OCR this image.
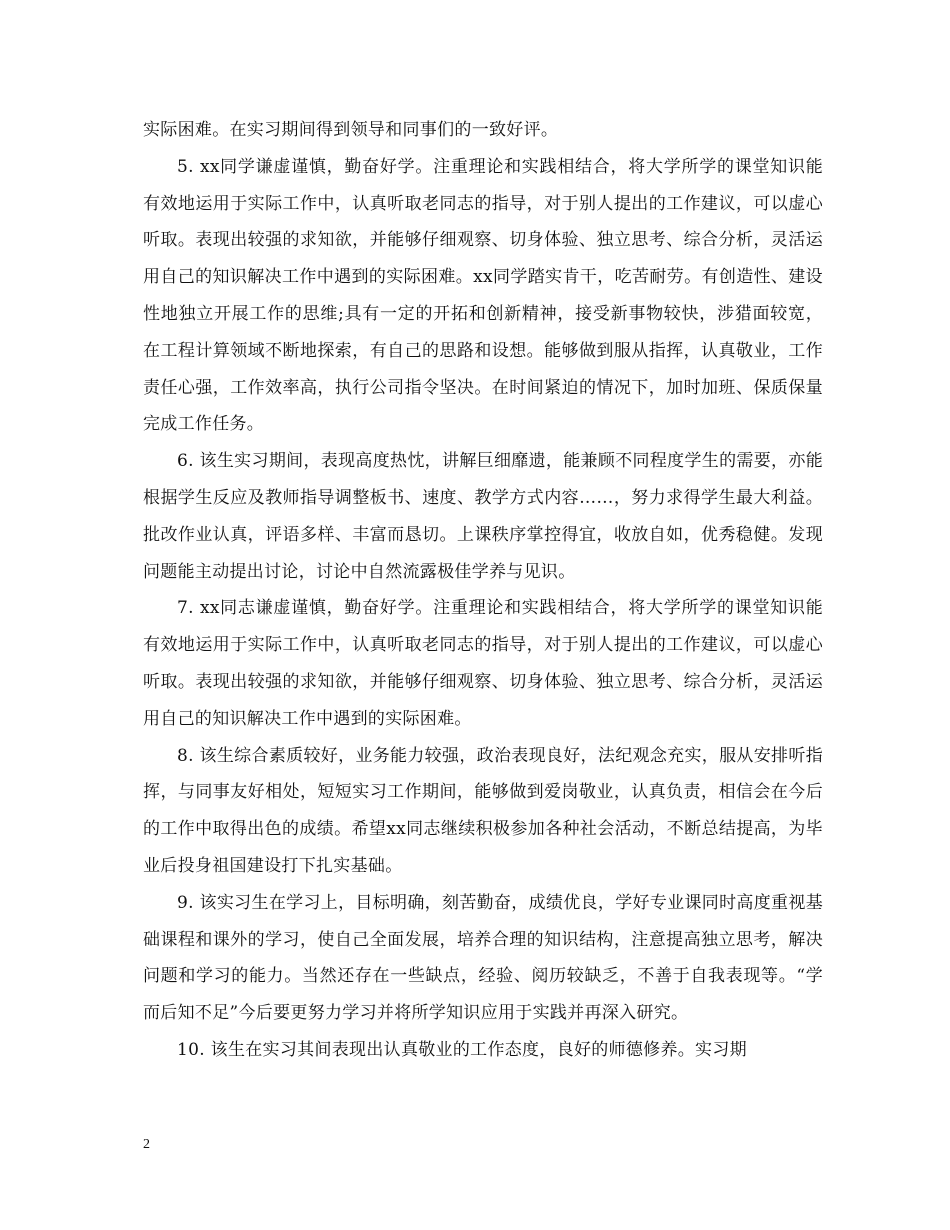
实际困难。在实习期间得到领导和同事们的一致好评。

5. xx同学谦虚谨慎，勤奋好学。注重理论和实践相结合，将大学所学的课堂知识能有效地运用于实际工作中，认真听取老同志的指导，对于别人提出的工作建议，可以虚心听取。表现出较强的求知欲，并能够仔细观察、切身体验、独立思考、综合分析，灵活运用自己的知识解决工作中遇到的实际困难。xx同学踏实肯干，吃苦耐劳。有创造性、建设性地独立开展工作的思维;具有一定的开拓和创新精神，接受新事物较快，涉猎面较宽，在工程计算领域不断地探索，有自己的思路和设想。能够做到服从指挥，认真敬业，工作责任心强，工作效率高，执行公司指令坚决。在时间紧迫的情况下，加时加班、保质保量完成工作任务。

6. 该生实习期间，表现高度热忱，讲解巨细靡遗，能兼顾不同程度学生的需要，亦能根据学生反应及教师指导调整板书、速度、教学方式内容……，努力求得学生最大利益。批改作业认真，评语多样、丰富而恳切。上课秩序掌控得宜，收放自如，优秀稳健。发现问题能主动提出讨论，讨论中自然流露极佳学养与见识。

7. xx同志谦虚谨慎，勤奋好学。注重理论和实践相结合，将大学所学的课堂知识能有效地运用于实际工作中，认真听取老同志的指导，对于别人提出的工作建议，可以虚心听取。表现出较强的求知欲，并能够仔细观察、切身体验、独立思考、综合分析，灵活运用自己的知识解决工作中遇到的实际困难。

8. 该生综合素质较好，业务能力较强，政治表现良好，法纪观念充实，服从安排听指挥，与同事友好相处，短短实习工作期间，能够做到爱岗敬业，认真负责，相信会在今后的工作中取得出色的成绩。希望xx同志继续积极参加各种社会活动，不断总结提高，为毕业后投身祖国建设打下扎实基础。

9. 该实习生在学习上，目标明确，刻苦勤奋，成绩优良，学好专业课同时高度重视基础课程和课外的学习，使自己全面发展，培养合理的知识结构，注意提高独立思考，解决问题和学习的能力。当然还存在一些缺点，经验、阅历较缺乏，不善于自我表现等。“学而后知不足”今后要更努力学习并将所学知识应用于实践并再深入研究。

10. 该生在实习其间表现出认真敬业的工作态度，良好的师德修养。实习期

2
